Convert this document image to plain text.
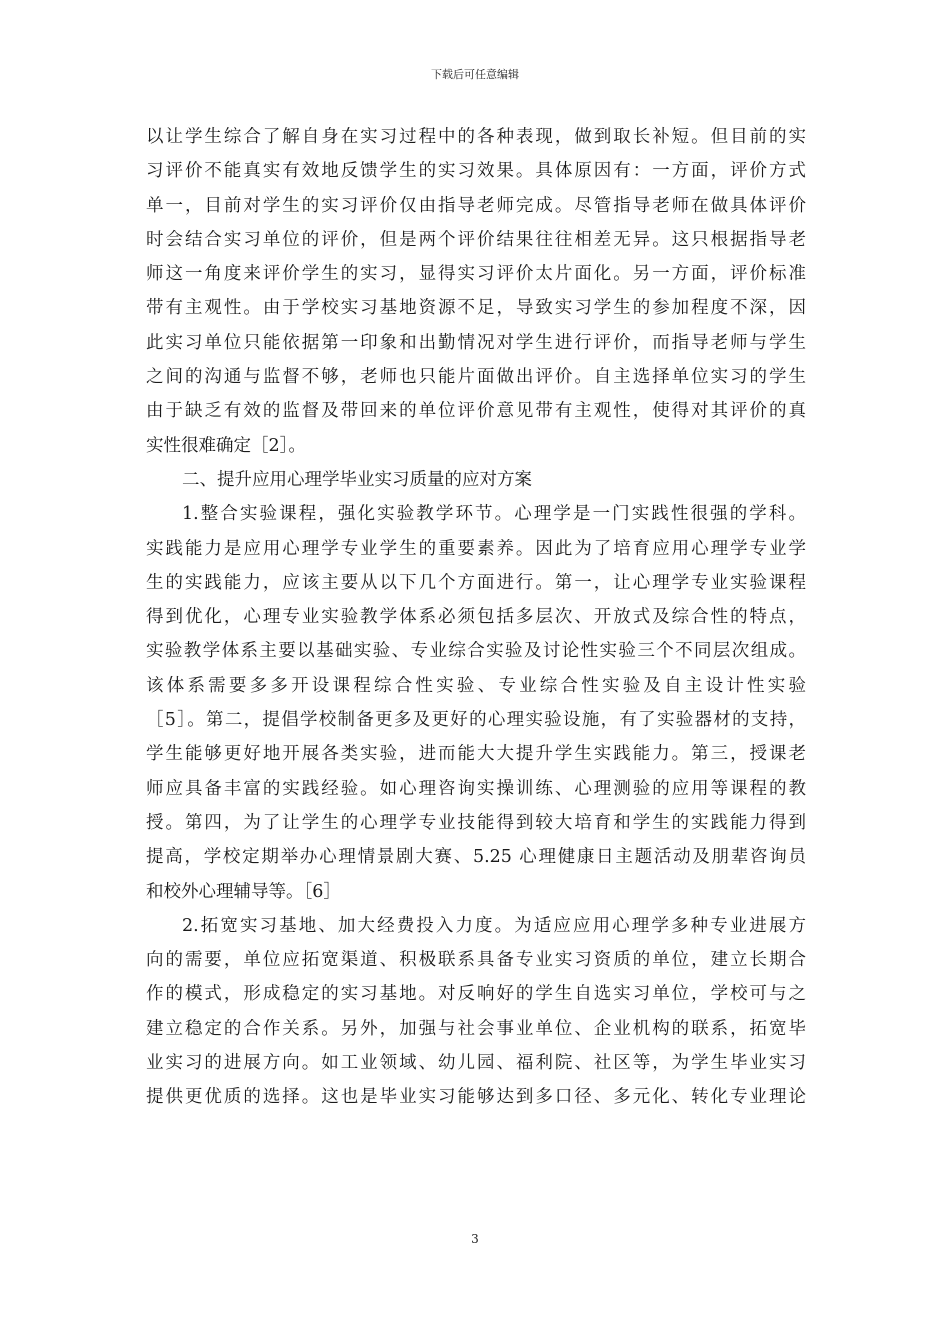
下载后可任意编辑
以让学生综合了解自身在实习过程中的各种表现，做到取长补短。但目前的实
习评价不能真实有效地反馈学生的实习效果。具体原因有：一方面，评价方式
单一，目前对学生的实习评价仅由指导老师完成。尽管指导老师在做具体评价
时会结合实习单位的评价，但是两个评价结果往往相差无异。这只根据指导老
师这一角度来评价学生的实习，显得实习评价太片面化。另一方面，评价标准
带有主观性。由于学校实习基地资源不足，导致实习学生的参加程度不深，因
此实习单位只能依据第一印象和出勤情况对学生进行评价，而指导老师与学生
之间的沟通与监督不够，老师也只能片面做出评价。自主选择单位实习的学生
由于缺乏有效的监督及带回来的单位评价意见带有主观性，使得对其评价的真
实性很难确定［2］。
二、提升应用心理学毕业实习质量的应对方案
1.整合实验课程，强化实验教学环节。心理学是一门实践性很强的学科。
实践能力是应用心理学专业学生的重要素养。因此为了培育应用心理学专业学
生的实践能力，应该主要从以下几个方面进行。第一，让心理学专业实验课程
得到优化，心理专业实验教学体系必须包括多层次、开放式及综合性的特点，
实验教学体系主要以基础实验、专业综合实验及讨论性实验三个不同层次组成。
该体系需要多多开设课程综合性实验、专业综合性实验及自主设计性实验
［5］。第二，提倡学校制备更多及更好的心理实验设施，有了实验器材的支持，
学生能够更好地开展各类实验，进而能大大提升学生实践能力。第三，授课老
师应具备丰富的实践经验。如心理咨询实操训练、心理测验的应用等课程的教
授。第四，为了让学生的心理学专业技能得到较大培育和学生的实践能力得到
提高，学校定期举办心理情景剧大赛、5.25 心理健康日主题活动及朋辈咨询员
和校外心理辅导等。［6］
2.拓宽实习基地、加大经费投入力度。为适应应用心理学多种专业进展方
向的需要，单位应拓宽渠道、积极联系具备专业实习资质的单位，建立长期合
作的模式，形成稳定的实习基地。对反响好的学生自选实习单位，学校可与之
建立稳定的合作关系。另外，加强与社会事业单位、企业机构的联系，拓宽毕
业实习的进展方向。如工业领域、幼儿园、福利院、社区等，为学生毕业实习
提供更优质的选择。这也是毕业实习能够达到多口径、多元化、转化专业理论
3
